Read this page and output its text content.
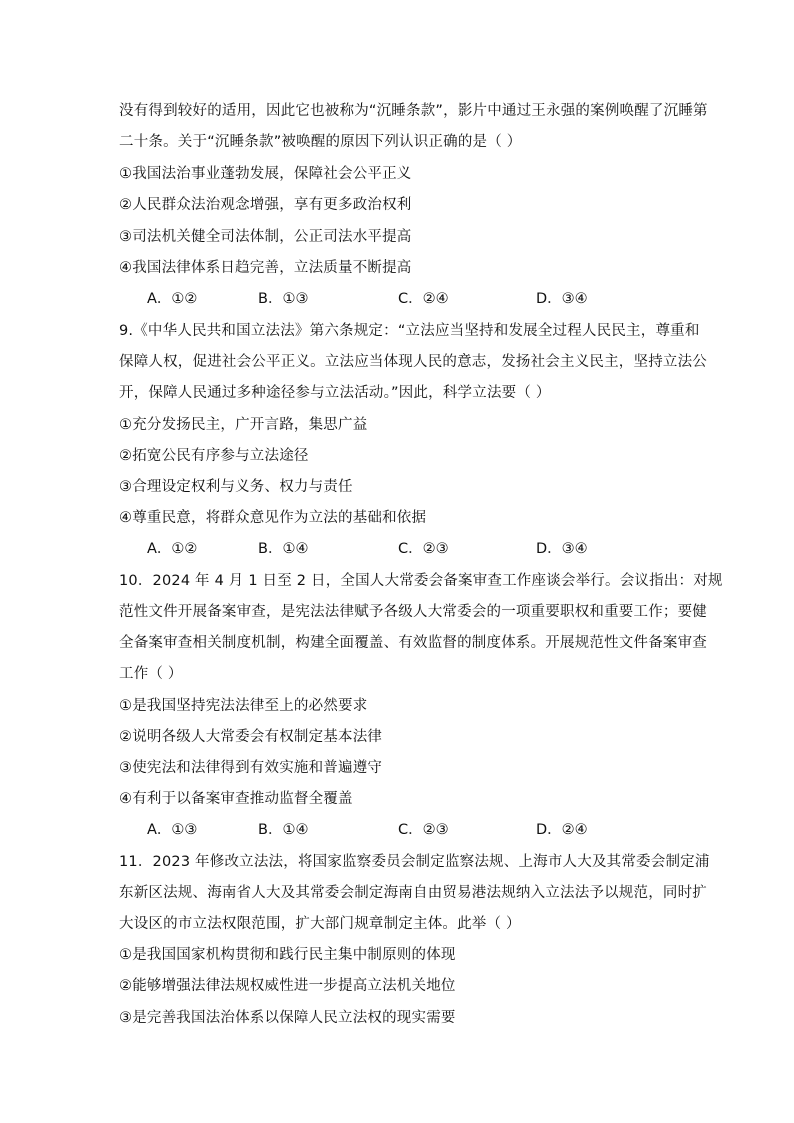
没有得到较好的适用，因此它也被称为“沉睡条款”，影片中通过王永强的案例唤醒了沉睡第
二十条。关于“沉睡条款”被唤醒的原因下列认识正确的是（ ）
①我国法治事业蓬勃发展，保障社会公平正义
②人民群众法治观念增强，享有更多政治权利
③司法机关健全司法体制，公正司法水平提高
④我国法律体系日趋完善，立法质量不断提高
A．①②	B．①③	C．②④	D．③④
9.《中华人民共和国立法法》第六条规定：“立法应当坚持和发展全过程人民民主，尊重和
保障人权，促进社会公平正义。立法应当体现人民的意志，发扬社会主义民主，坚持立法公
开，保障人民通过多种途径参与立法活动。”因此，科学立法要（ ）
①充分发扬民主，广开言路，集思广益
②拓宽公民有序参与立法途径
③合理设定权利与义务、权力与责任
④尊重民意，将群众意见作为立法的基础和依据
A．①②	B．①④	C．②③	D．③④
10．2024 年 4 月 1 日至 2 日，全国人大常委会备案审查工作座谈会举行。会议指出：对规
范性文件开展备案审查，是宪法法律赋予各级人大常委会的一项重要职权和重要工作；要健
全备案审查相关制度机制，构建全面覆盖、有效监督的制度体系。开展规范性文件备案审查
工作（ ）
①是我国坚持宪法法律至上的必然要求
②说明各级人大常委会有权制定基本法律
③使宪法和法律得到有效实施和普遍遵守
④有利于以备案审查推动监督全覆盖
A．①③	B．①④	C．②③	D．②④
11．2023 年修改立法法，将国家监察委员会制定监察法规、上海市人大及其常委会制定浦
东新区法规、海南省人大及其常委会制定海南自由贸易港法规纳入立法法予以规范，同时扩
大设区的市立法权限范围，扩大部门规章制定主体。此举（ ）
①是我国国家机构贯彻和践行民主集中制原则的体现
②能够增强法律法规权威性进一步提高立法机关地位
③是完善我国法治体系以保障人民立法权的现实需要
